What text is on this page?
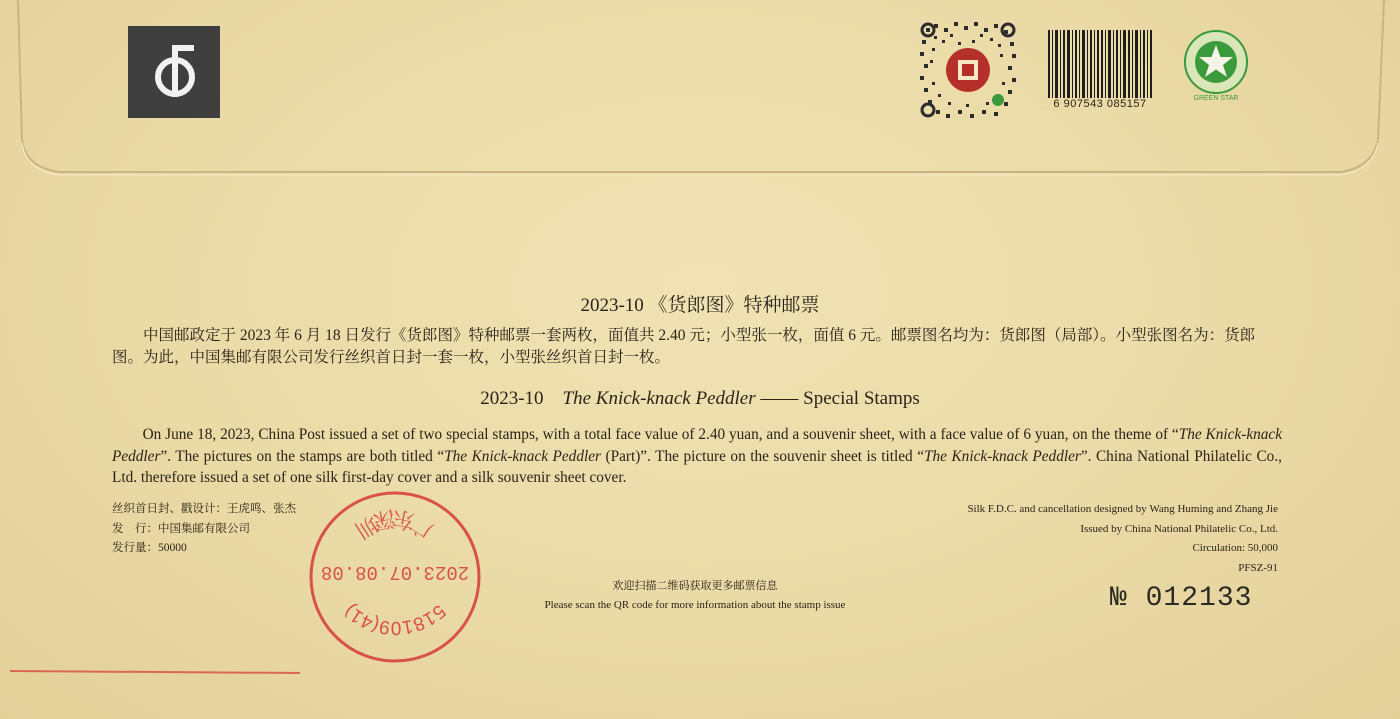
6 907543 085157	GREEN STAR
2023-10 《货郎图》特种邮票
中国邮政定于 2023 年 6 月 18 日发行《货郎图》特种邮票一套两枚，面值共 2.40 元；小型张一枚，面值 6 元。邮票图名均为：货郎图（局部）。小型张图名为：货郎图。为此，中国集邮有限公司发行丝织首日封一套一枚，小型张丝织首日封一枚。
2023-10 The Knick-knack Peddler —— Special Stamps
On June 18, 2023, China Post issued a set of two special stamps, with a total face value of 2.40 yuan, and a souvenir sheet, with a face value of 6 yuan, on the theme of “The Knick-knack Peddler”. The pictures on the stamps are both titled “The Knick-knack Peddler (Part)”. The picture on the souvenir sheet is titled “The Knick-knack Peddler”. China National Philatelic Co., Ltd. therefore issued a set of one silk first-day cover and a silk souvenir sheet cover.
丝织首日封、戳设计：王虎鸣、张杰
发　行：中国集邮有限公司
发行量：50000
Silk F.D.C. and cancellation designed by Wang Huming and Zhang Jie
Issued by China National Philatelic Co., Ltd.
Circulation: 50,000
PFSZ-91
518109(41)
2023.07.08.08
广东深圳
欢迎扫描二维码获取更多邮票信息
Please scan the QR code for more information about the stamp issue	№ 012133
